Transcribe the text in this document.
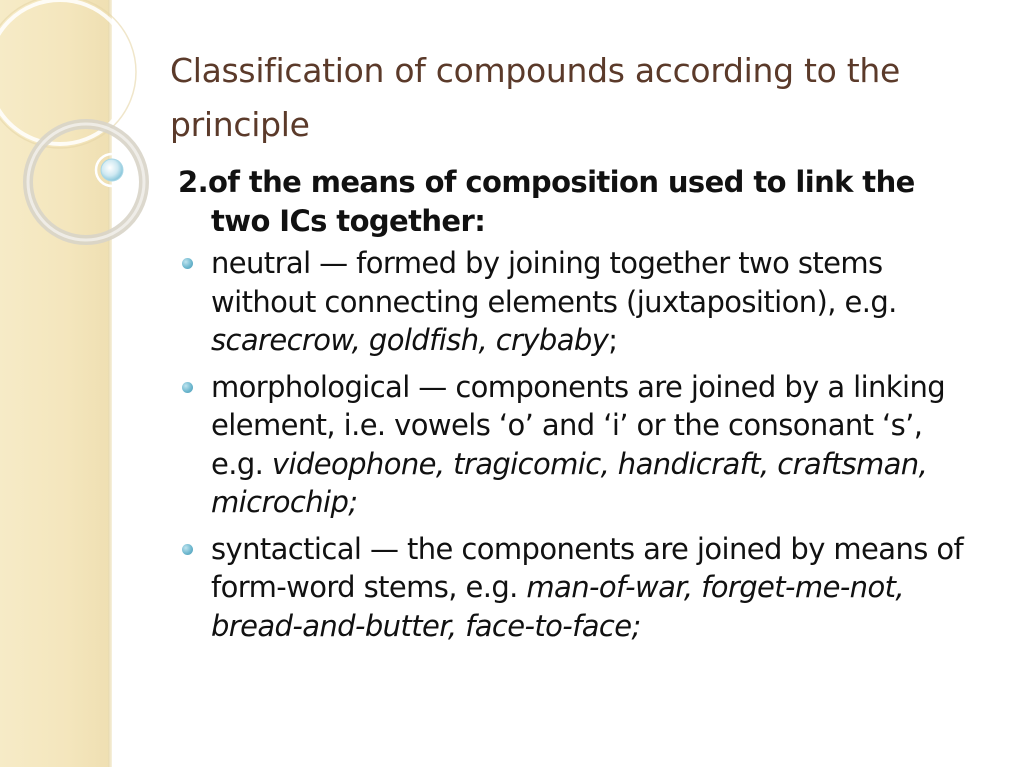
Classification of compounds according to the principle

2.of the means of composition used to link the two ICs together:

neutral — formed by joining together two stems without connecting elements (juxtaposition), e.g. scarecrow, goldfish, crybaby;
morphological — components are joined by a linking element, i.e. vowels ‘o’ and ‘i’ or the consonant ‘s’, e.g. videophone, tragicomic, handicraft, craftsman, microchip;
syntactical — the components are joined by means of form-word stems, e.g. man-of-war, forget-me-not, bread-and-butter, face-to-face;
